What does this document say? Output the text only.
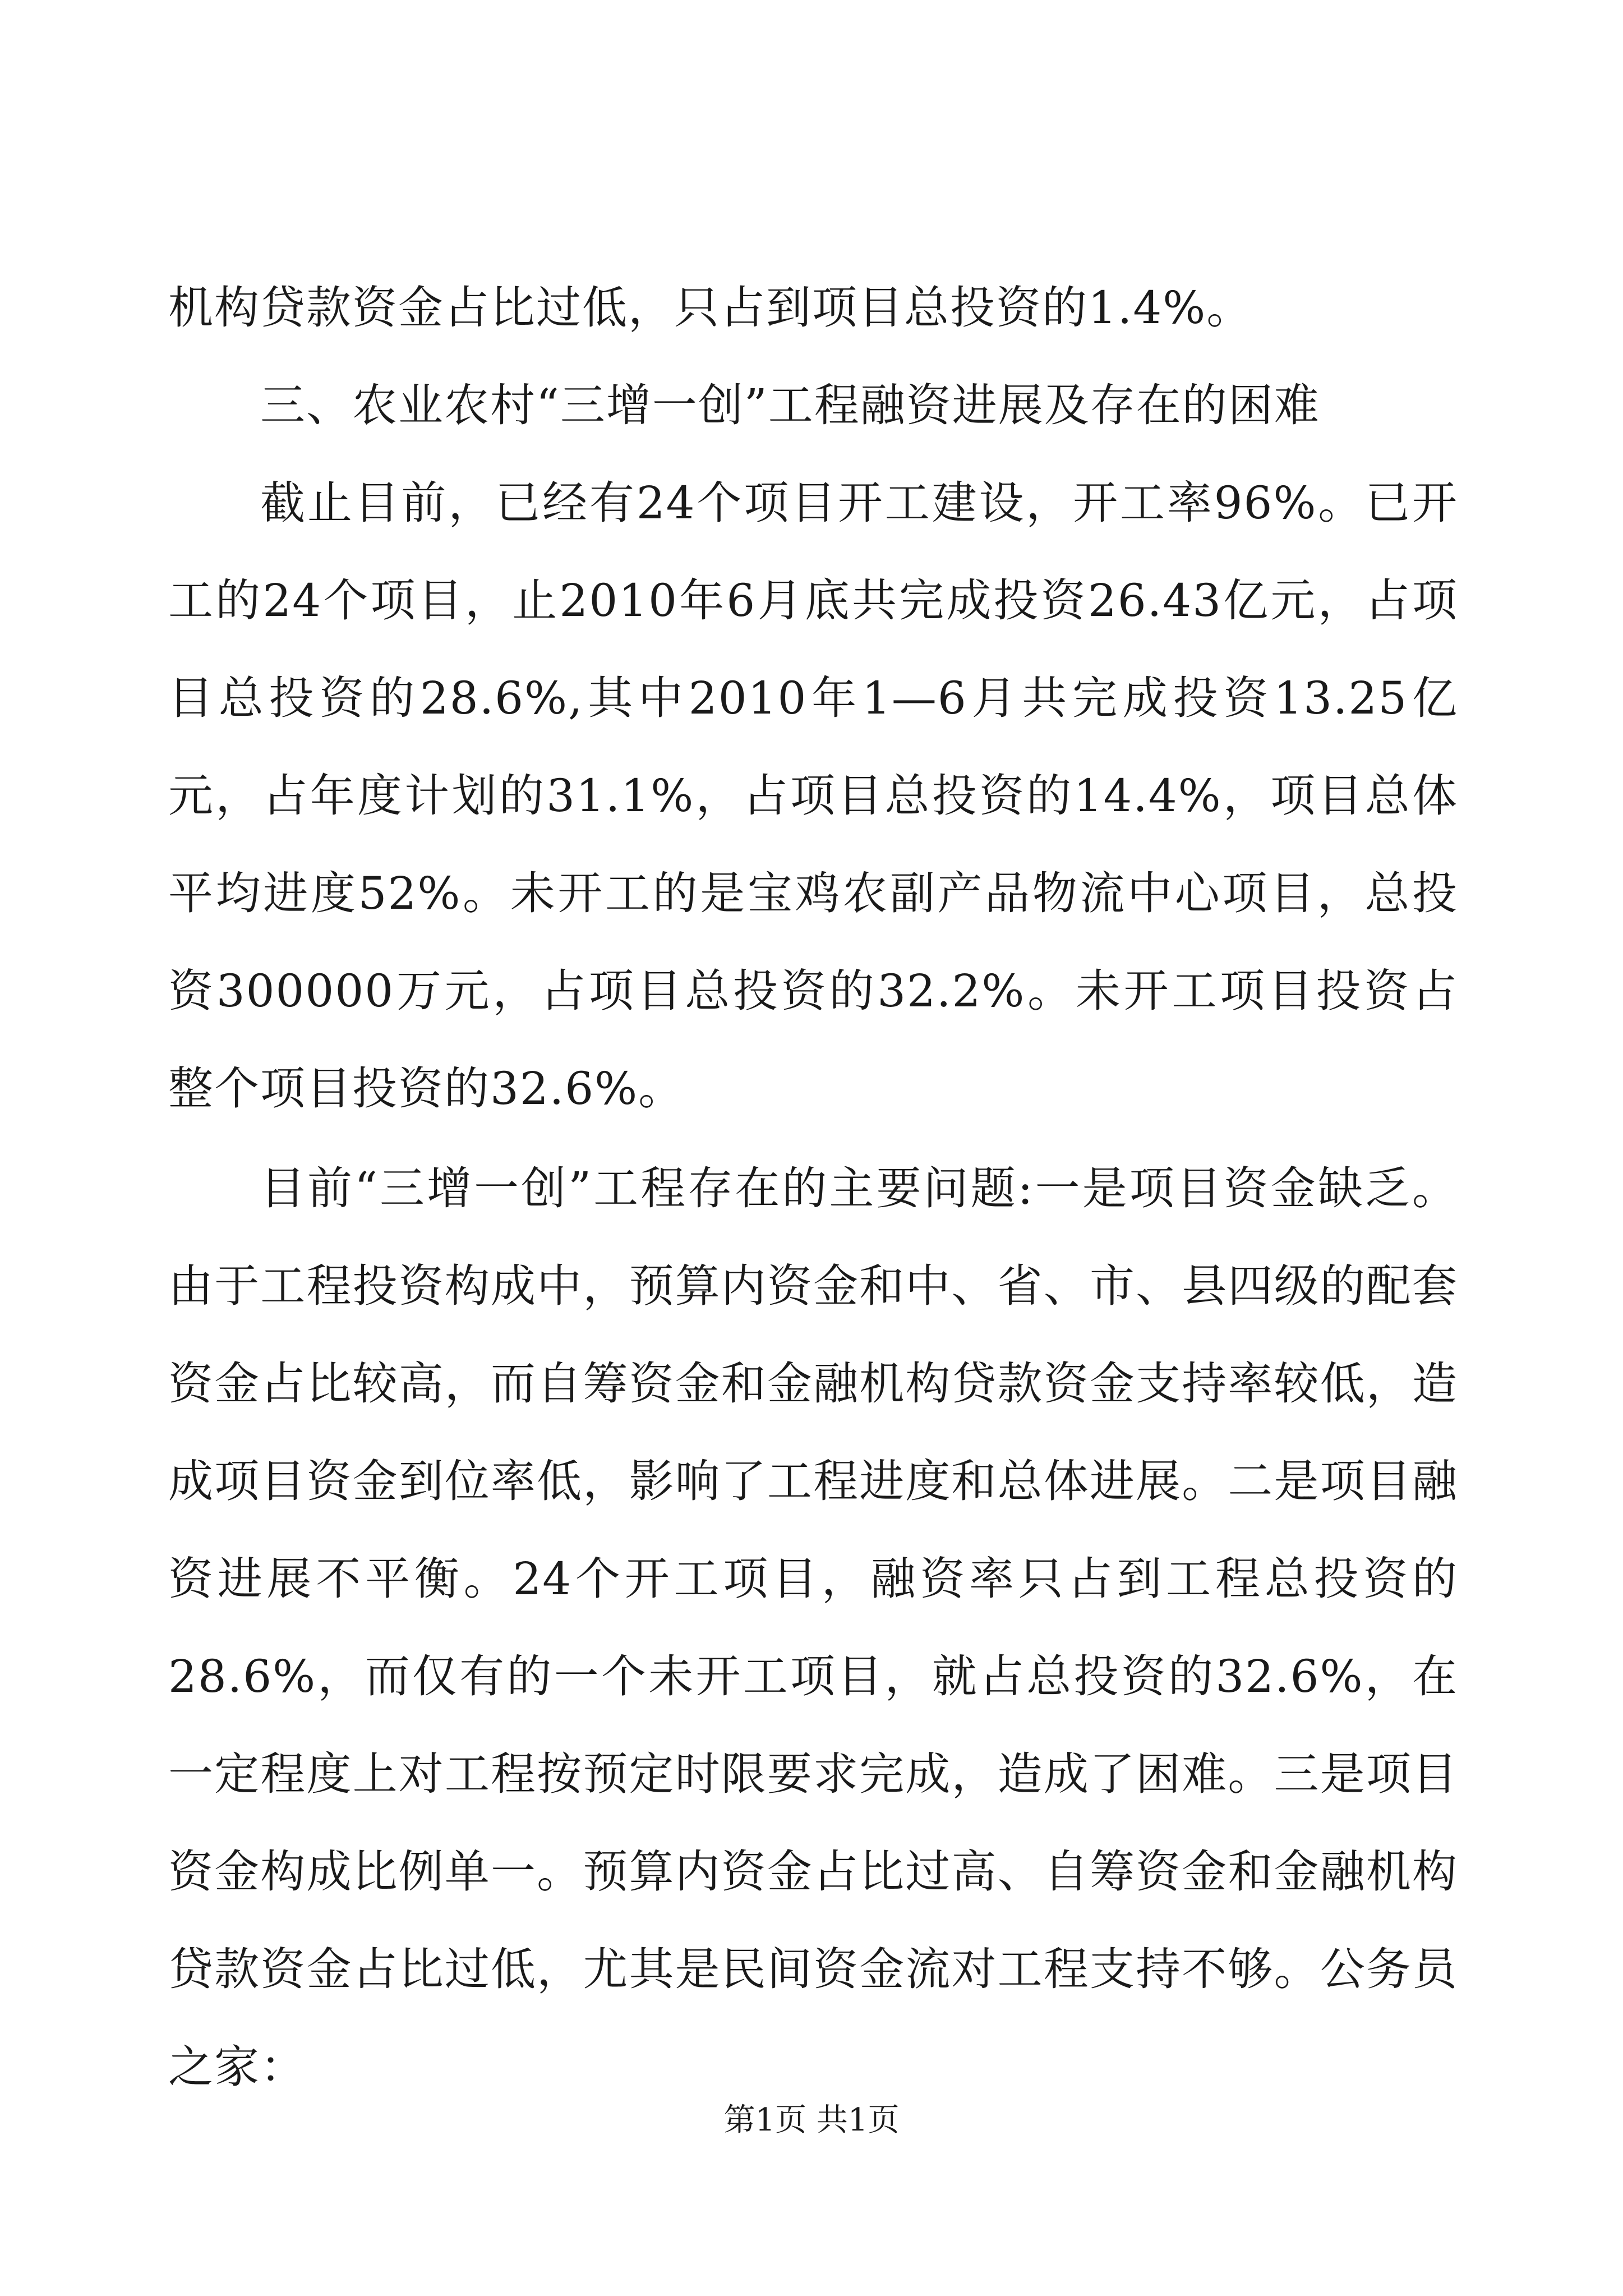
机构贷款资金占比过低，只占到项目总投资的1.4%。

三、农业农村“三增一创”工程融资进展及存在的困难

截止目前，已经有24个项目开工建设，开工率96%。已开工的24个项目，止2010年6月底共完成投资26.43亿元，占项目总投资的28.6%,其中2010年1—6月共完成投资13.25亿元，占年度计划的31.1%，占项目总投资的14.4%，项目总体平均进度52%。未开工的是宝鸡农副产品物流中心项目，总投资300000万元，占项目总投资的32.2%。未开工项目投资占整个项目投资的32.6%。

目前“三增一创”工程存在的主要问题:一是项目资金缺乏。由于工程投资构成中，预算内资金和中、省、市、县四级的配套资金占比较高，而自筹资金和金融机构贷款资金支持率较低，造成项目资金到位率低，影响了工程进度和总体进展。二是项目融资进展不平衡。24个开工项目，融资率只占到工程总投资的28.6%，而仅有的一个未开工项目，就占总投资的32.6%，在一定程度上对工程按预定时限要求完成，造成了困难。三是项目资金构成比例单一。预算内资金占比过高、自筹资金和金融机构贷款资金占比过低，尤其是民间资金流对工程支持不够。公务员之家：

第1页 共1页
